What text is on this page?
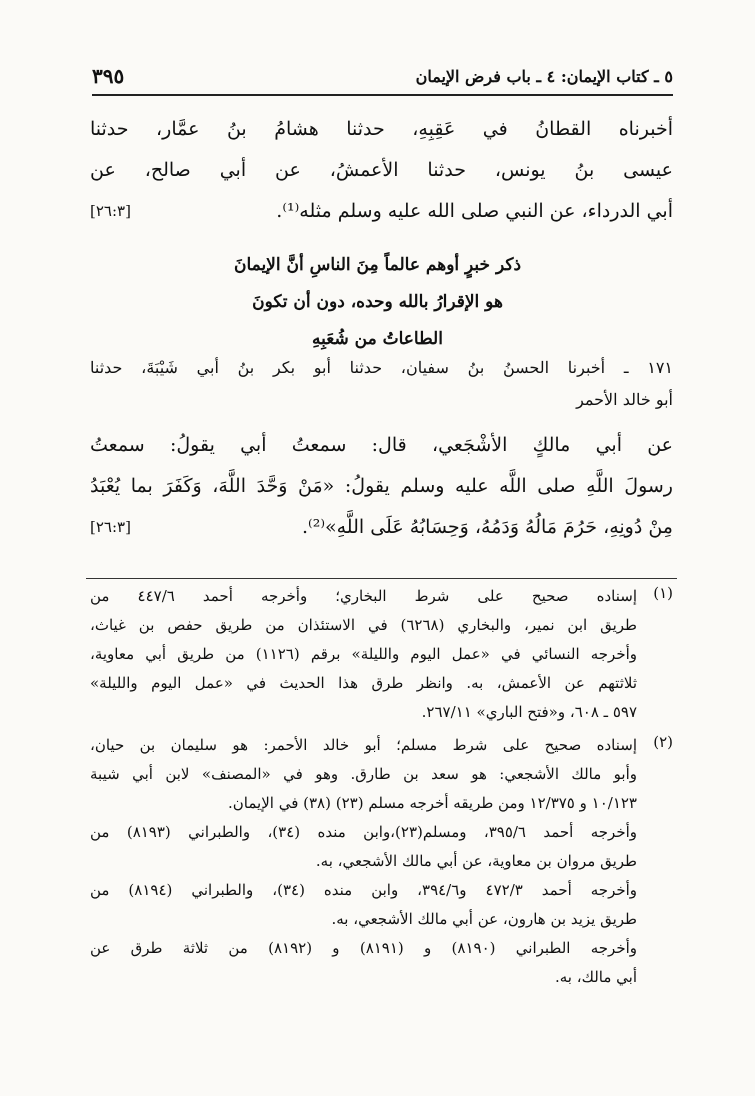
٥ ـ كتاب الإيمان: ٤ ـ باب فرض الإيمان
٣٩٥
أخبرناه القطانُ في عَقِبِهِ، حدثنا هشامُ بنُ عمَّار، حدثنا
عيسى بنُ يونس، حدثنا الأعمشُ، عن أبي صالح، عن
أبي الدرداء، عن النبي صلى الله عليه وسلم مثله⁽¹⁾.
[٢٦:٣]
ذكر خبرٍ أوهم عالماً مِنَ الناسِ أنَّ الإيمانَ
هو الإقرارُ بالله وحده، دون أن تكونَ
الطاعاتُ من شُعَبِهِ
١٧١ ـ أخبرنا الحسنُ بنُ سفيان، حدثنا أبو بكر بنُ أبي شَيْبَةَ، حدثنا
أبو خالد الأحمر
عن أبي مالكٍ الأشْجَعي، قال: سمعتُ أبي يقولُ: سمعتُ
رسولَ اللَّهِ صلى اللَّه عليه وسلم يقولُ: «مَنْ وَحَّدَ اللَّهَ، وَكَفَرَ بما يُعْبَدُ
مِنْ دُونِهِ، حَرُمَ مَالُهُ وَدَمُهُ، وَحِسَابُهُ عَلَى اللَّهِ»⁽²⁾.
[٢٦:٣]
(١)
إسناده صحيح على شرط البخاري؛ وأخرجه أحمد ٤٤٧/٦ من
طريق ابن نمير، والبخاري (٦٢٦٨) في الاستئذان من طريق حفص بن غياث،
وأخرجه النسائي في «عمل اليوم والليلة» برقم (١١٢٦) من طريق أبي معاوية،
ثلاثتهم عن الأعمش، به. وانظر طرق هذا الحديث في «عمل اليوم والليلة»
٥٩٧ ـ ٦٠٨، و«فتح الباري» ٢٦٧/١١.
(٢)
إسناده صحيح على شرط مسلم؛ أبو خالد الأحمر: هو سليمان بن حيان،
وأبو مالك الأشجعي: هو سعد بن طارق. وهو في «المصنف» لابن أبي شيبة
١٠/١٢٣ و ١٢/٣٧٥ ومن طريقه أخرجه مسلم (٢٣) (٣٨) في الإيمان.
وأخرجه أحمد ٣٩٥/٦، ومسلم(٢٣)،وابن منده (٣٤)، والطبراني (٨١٩٣) من
طريق مروان بن معاوية، عن أبي مالك الأشجعي، به.
وأخرجه أحمد ٤٧٢/٣ و٣٩٤/٦، وابن منده (٣٤)، والطبراني (٨١٩٤) من
طريق يزيد بن هارون، عن أبي مالك الأشجعي، به.
وأخرجه الطبراني (٨١٩٠) و (٨١٩١) و (٨١٩٢) من ثلاثة طرق عن
أبي مالك، به.
